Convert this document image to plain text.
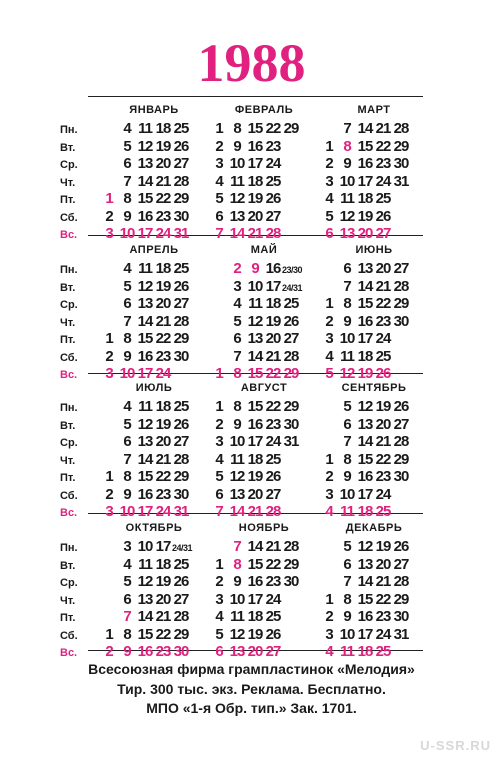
1988
Пн.
Вт.
Ср.
Чт.
Пт.
Сб.
Вс.
ЯНВАРЬ
4 11 18 25
5 12 19 26
6 13 20 27
7 14 21 28
1 8 15 22 29
2 9 16 23 30
3 10 17 24 31
ФЕВРАЛЬ
1 8 15 22 29
2 9 16 23
3 10 17 24
4 11 18 25
5 12 19 26
6 13 20 27
7 14 21 28
МАРТ
7 14 21 28
1 8 15 22 29
2 9 16 23 30
3 10 17 24 31
4 11 18 25
5 12 19 26
6 13 20 27
Пн.
Вт.
Ср.
Чт.
Пт.
Сб.
Вс.
АПРЕЛЬ
4 11 18 25
5 12 19 26
6 13 20 27
7 14 21 28
1 8 15 22 29
2 9 16 23 30
3 10 17 24
МАЙ
2 9 16 23/30
3 10 17 24/31
4 11 18 25
5 12 19 26
6 13 20 27
7 14 21 28
1 8 15 22 29
ИЮНЬ
6 13 20 27
7 14 21 28
1 8 15 22 29
2 9 16 23 30
3 10 17 24
4 11 18 25
5 12 19 26
Пн.
Вт.
Ср.
Чт.
Пт.
Сб.
Вс.
ИЮЛЬ
4 11 18 25
5 12 19 26
6 13 20 27
7 14 21 28
1 8 15 22 29
2 9 16 23 30
3 10 17 24 31
АВГУСТ
1 8 15 22 29
2 9 16 23 30
3 10 17 24 31
4 11 18 25
5 12 19 26
6 13 20 27
7 14 21 28
СЕНТЯБРЬ
5 12 19 26
6 13 20 27
7 14 21 28
1 8 15 22 29
2 9 16 23 30
3 10 17 24
4 11 18 25
Пн.
Вт.
Ср.
Чт.
Пт.
Сб.
Вс.
ОКТЯБРЬ
3 10 17 24/31
4 11 18 25
5 12 19 26
6 13 20 27
7 14 21 28
1 8 15 22 29
2 9 16 23 30
НОЯБРЬ
7 14 21 28
1 8 15 22 29
2 9 16 23 30
3 10 17 24
4 11 18 25
5 12 19 26
6 13 20 27
ДЕКАБРЬ
5 12 19 26
6 13 20 27
7 14 21 28
1 8 15 22 29
2 9 16 23 30
3 10 17 24 31
4 11 18 25
Всесоюзная фирма грампластинок «Мелодия»
Тир. 300 тыс. экз. Реклама. Бесплатно.
МПО «1-я Обр. тип.» Зак. 1701.
U-SSR.RU
